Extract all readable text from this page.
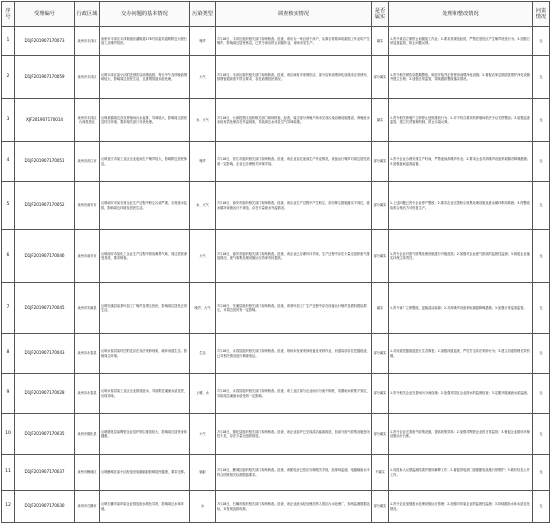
序号	受理编号	行政区域	交办问题的基本情况	污染类型	调查核实情况	是否属实	处理和整改情况	问责情况
1	D1JF201907170073	泉州市丰泽区	泉州市丰泽区丰泽街道东湖街道176号县委弄道路附近大理石加工点噪声扰民。	噪声	7月18日，丰泽区组织相关部门现场核查。经查，该店为一家自营个体户，从事石材简单切割加工作业时产生噪声，影响周边居民休息。已责令该店停止切割作业，现场未见生产。	属实	1.责令该店立即停止切割加工作业；2.要求其规范经营，严禁在居民区产生噪声扰民行为；3.加强日常巡查监管，防止问题反弹。	无
2	D1JF201907170059	泉州市丰泽区	反映丰泽区某小区附近餐饮店油烟直排，每日中午及傍晚油烟味较大，影响周边居民生活，且排烟管道未经处理。	大气	7月18日，丰泽区组织相关部门现场核查。经查，该区域有多家餐饮店，部分店家油烟净化设施未正常使用，排烟管道高度不符合要求，存在油烟扰民情况。	部分属实	1.责令相关餐饮店限期整改，规范安装并正常使用油烟净化设施；2.督促店家定期清洗维护净化设施并建立台账；3.加强日常监管，持续跟踪整改落实情况。	无
3	XJF201907170014	泉州市丰泽区台商投资区	反映某镇周边存在养殖场污水直排，异味较大，影响周边居民及村庄环境，要求相关部门尽快处理。	水、大气	7月18日，台商投资区组织相关部门现场核查。经查，周边部分养殖户尚未完成污染治理设施建设，养殖废水未经有效处理存在外溢现象，导致周边水体及空气异味较重。	属实	1.责令相关养殖户立即停止违规排放行为；2.对不符合要求的养殖场依法予以关停整治；3.加强巡查监管，建立长效管理机制，防止污染反弹。	无
4	D1JF201907170051	泉州市晋江市	反映晋江市某工业区企业夜间生产噪声较大，影响附近居民休息。	噪声	7月18日，晋江市组织相关部门现场核查。经查，该企业存在夜间生产作业情况，设备运行噪声对周边居民造成一定影响，企业已办理相关环保手续。	部分属实	1.责令企业合理安排生产时间，严禁夜间高噪声作业；2.要求企业对高噪声设备采取隔音降噪措施；3.加强夜间巡查监督。	无
5	D1JF201907170052	泉州市南安市	反映南安市某石材企业生产过程中粉尘污染严重，石材废水乱排，影响周边环境及居民生活。	水、大气	7月18日，南安市组织相关部门现场核查。经查，该企业生产过程中产生粉尘，部分降尘措施落实不到位，废水循环设施运行不规范，存在少量废水外溢情况。	部分属实	1.上述问题已责令企业停产整改；2.要求企业完善粉尘收集处理设施及废水循环利用系统；3.待整改验收合格后方可恢复生产。	无
6	D1JF201907170046	泉州市南安市	反映南安市某化工企业生产过程中排放刺鼻气味，周边居民深受其扰，要求彻查。	大气	7月18日，南安市组织相关部门现场核查。经查，该企业已办理环评手续，生产过程中存在少量无组织废气排放情况，废气收集处理设施运行效率有待提高。	部分属实	1.责令企业对废气收集处理设施进行升级改造；2.加强对企业废气排放的监督性监测；3.督促企业落实环保主体责任。	无
7	D1JF201907170045	泉州市安溪县	反映安溪县某茶叶加工厂噪声及烟尘扰民，影响周边居民正常生活。	噪声、大气	7月18日，安溪县组织相关部门现场核查。经查，该茶叶加工厂生产过程中存在设备运行噪声及燃料燃烧烟尘，对周边居民有一定影响。	属实	1.责令该厂立即整改，更换清洁能源；2.对高噪声设备采取减振降噪措施；3.加强日常巡查监管。	无
8	D1JF201907170043	泉州市永春县	反映永春县某村庄附近存在非法采砂现象，破坏河道生态，影响周边环境。	生态	7月18日，永春县组织相关部门现场核查。经查，现场未发现采砂设备及采砂作业，河道局部存在挖掘痕迹，已对相关情况进行调查取证。	部分属实	1.对河道挖掘痕迹进行生态修复；2.加强河道巡查，严厉打击非法采砂行为；3.建立河道管理长效机制。	无
9	D1JF201907170028	泉州市永春县	反映永春县某工业区企业排放废水，导致附近溪流水质变差，出现异味。	土壤、水	7月18日，永春县组织相关部门现场核查。经查，该工业区部分企业雨污分流不彻底，初期雨水收集不到位，导致周边溪流水质受到一定影响。	部分属实	1.责令相关企业完善雨污分流设施；2.加强对园区企业排水的监督检查；3.定期开展溪流水质监测。	无
10	D1JF201907170035	泉州市德化县	反映德化县某陶瓷企业窑炉烟尘排放较大，影响周边居民身体健康。	大气	7月18日，德化县组织相关部门现场核查。经查，该企业窑炉已完成清洁能源改造，但部分废气收集设施密闭性不足，存在少量无组织排放。	部分属实	1.责令企业完善废气收集设施，提高收集效率；2.加强对陶瓷企业的日常监管；3.督促企业做好环保设施运行台账。	无
11	D1JF201907170037	泉州市鲤城区	反映鲤城区某小区配电房电磁辐射影响居民健康，要求迁移。	辐射	7月18日，鲤城区组织相关部门现场核查。经查，该配电房已依法办理相关手续，经现场监测，电磁辐射水平符合国家相关标准限值要求。	不属实	1.向投诉人反馈监测结果并做好解释工作；2.督促供电部门加强配电设施日常维护；3.做好信息公开工作。	无
12	D1JF201907170030	泉州市石狮市	反映石狮市某印染企业排放废水颜色异常，影响周边水体环境。	水	7月18日，石狮市组织相关部门现场核查。经查，该企业废水经处理后纳入园区污水处理厂，现场监测数据达标，未发现直排现象。	部分属实	1.责令企业加强废水处理设施运行管理；2.加强对印染企业的监督性监测；3.持续跟踪水体水质变化情况。	无
